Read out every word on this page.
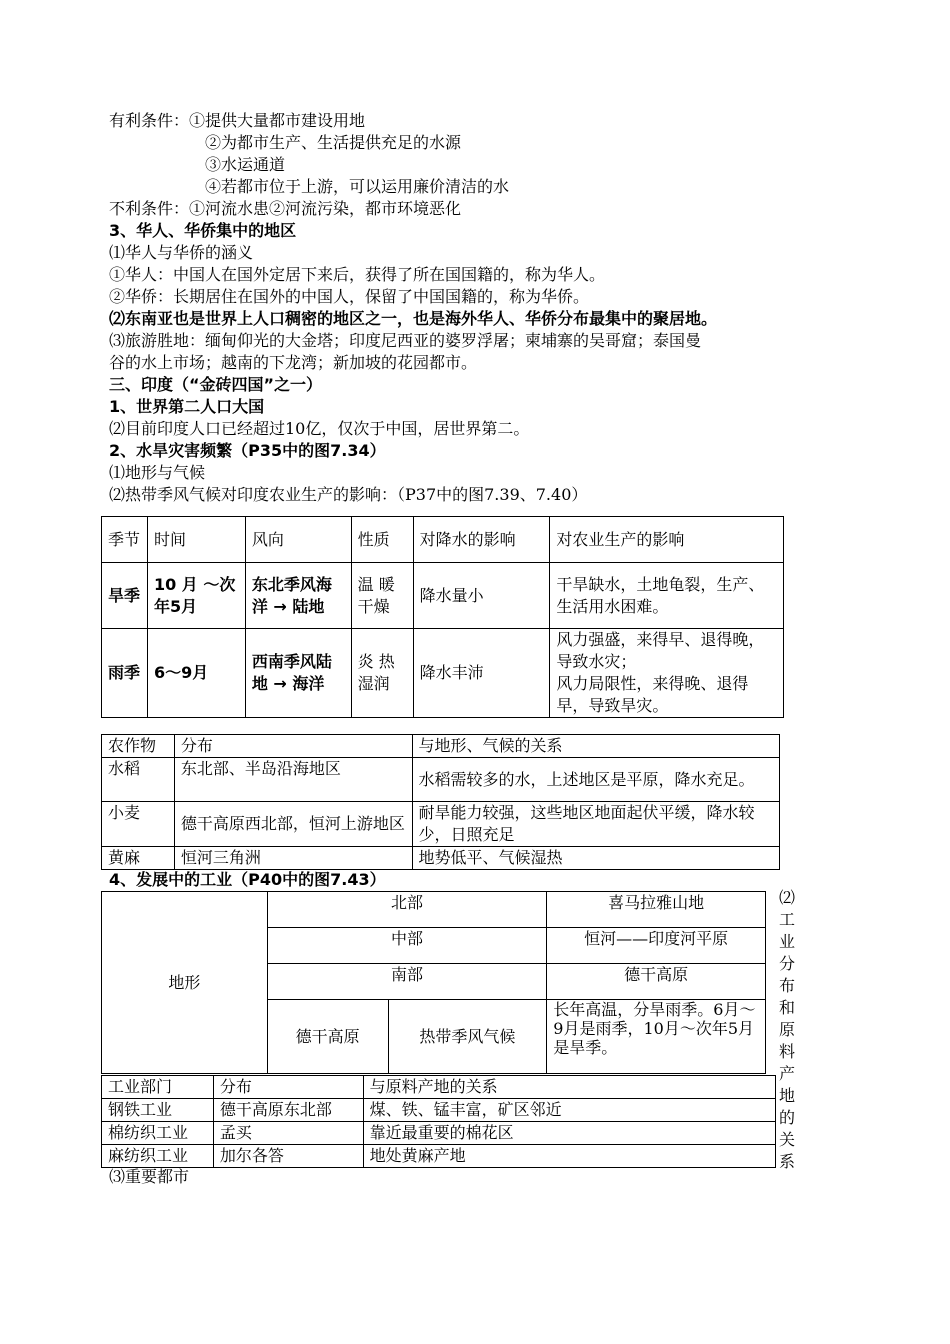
有利条件：①提供大量都市建设用地
②为都市生产、生活提供充足的水源
③水运通道
④若都市位于上游，可以运用廉价清洁的水
不利条件：①河流水患②河流污染，都市环境恶化
3、华人、华侨集中的地区
⑴华人与华侨的涵义
①华人：中国人在国外定居下来后，获得了所在国国籍的，称为华人。
②华侨：长期居住在国外的中国人，保留了中国国籍的，称为华侨。
⑵东南亚也是世界上人口稠密的地区之一，也是海外华人、华侨分布最集中的聚居地。
⑶旅游胜地：缅甸仰光的大金塔；印度尼西亚的婆罗浮屠；柬埔寨的吴哥窟；泰国曼
谷的水上市场；越南的下龙湾；新加坡的花园都市。
三、印度（“金砖四国”之一）
1、世界第二人口大国
⑵目前印度人口已经超过10亿，仅次于中国，居世界第二。
2、水旱灾害频繁（P35中的图7.34）
⑴地形与气候
⑵热带季风气候对印度农业生产的影响：（P37中的图7.39、7.40）
季节	时间	风向	性质	对降水的影响	对农业生产的影响
旱季	10 月 ～次年5月	东北季风海 洋 → 陆地	温 暖干燥	降水量小	干旱缺水，土地龟裂，生产、生活用水困难。
雨季	6～9月	西南季风陆 地 → 海洋	炎 热湿润	降水丰沛	风力强盛，来得早、退得晚，导致水灾；
风力局限性，来得晚、退得早，导致旱灾。
农作物	分布	与地形、气候的关系
水稻	东北部、半岛沿海地区	水稻需较多的水，上述地区是平原，降水充足。
小麦	德干高原西北部，恒河上游地区	耐旱能力较强，这些地区地面起伏平缓，降水较少，日照充足
黄麻	恒河三角洲	地势低平、气候湿热
4、发展中的工业（P40中的图7.43）
地形	北部		喜马拉雅山地
	中部		恒河——印度河平原
	南部		德干高原
	德干高原	热带季风气候	长年高温，分旱雨季。6月～9月是雨季，10月～次年5月是旱季。
⑵工业分布和原料产地的关系
工业部门	分布	与原料产地的关系
钢铁工业	德干高原东北部	煤、铁、锰丰富，矿区邻近
棉纺织工业	孟买	靠近最重要的棉花区
麻纺织工业	加尔各答	地处黄麻产地
⑶重要都市
